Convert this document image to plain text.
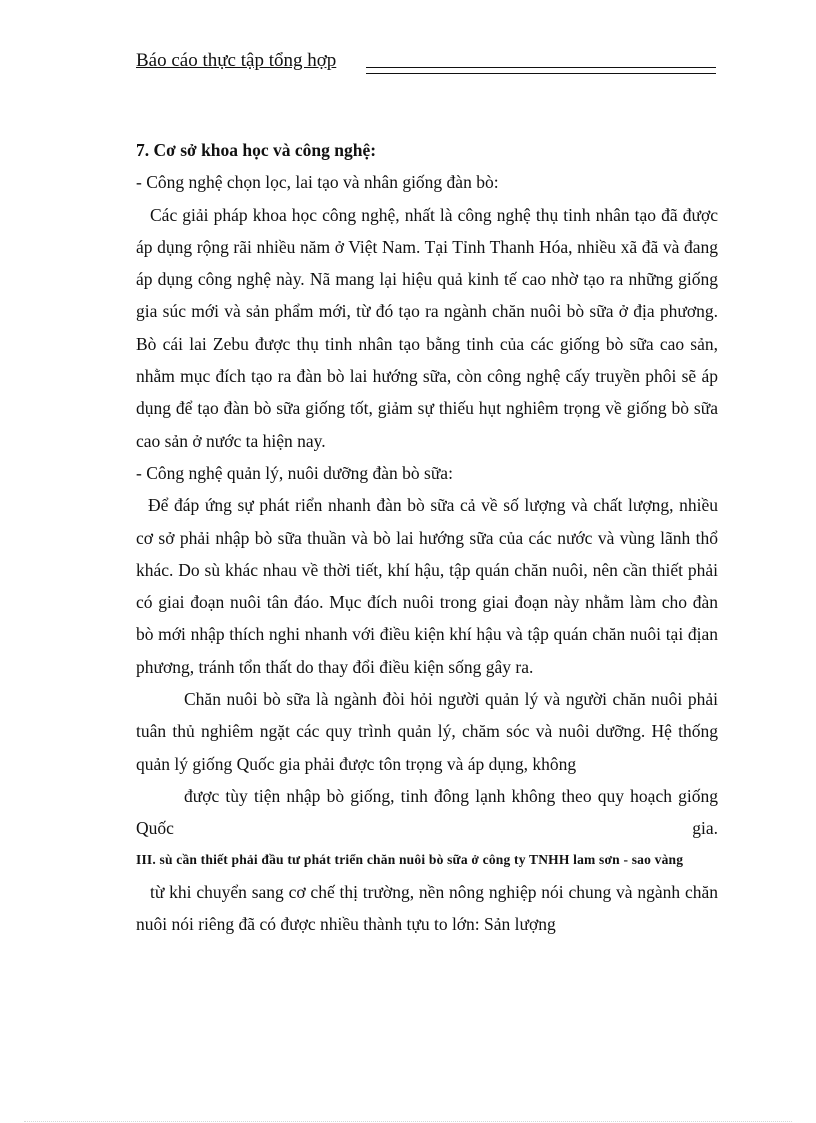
Báo cáo thực tập tổng hợp

7. Cơ sở khoa học và công nghệ:

- Công nghệ chọn lọc, lai tạo và nhân giống đàn bò:

Các giải pháp khoa học công nghệ, nhất là công nghệ thụ tinh nhân tạo đã được áp dụng rộng rãi nhiều năm ở Việt Nam. Tại Tỉnh Thanh Hóa, nhiều xã đã và đang áp dụng công nghệ này. Nã mang lại hiệu quả kinh tế cao nhờ tạo ra những giống gia súc mới và sản phẩm mới, từ đó tạo ra ngành chăn nuôi bò sữa ở địa phương. Bò cái lai Zebu được thụ tinh nhân tạo bằng tinh của các giống bò sữa cao sản, nhằm mục đích tạo ra đàn bò lai hướng sữa, còn công nghệ cấy truyền phôi sẽ áp dụng để tạo đàn bò sữa giống tốt, giảm sự thiếu hụt nghiêm trọng về giống bò sữa cao sản ở nước ta hiện nay.

- Công nghệ quản lý, nuôi dưỡng đàn bò sữa:

Để đáp ứng sự phát riển nhanh đàn bò sữa cả về số lượng và chất lượng, nhiều cơ sở phải nhập bò sữa thuần và bò lai hướng sữa của các nước và vùng lãnh thổ khác. Do sù khác nhau về thời tiết, khí hậu, tập quán chăn nuôi, nên cần thiết phải có giai đoạn nuôi tân đáo. Mục đích nuôi trong giai đoạn này nhằm làm cho đàn bò mới nhập thích nghi nhanh với điều kiện khí hậu và tập quán chăn nuôi tại địan phương, tránh tổn thất do thay đổi điều kiện sống gây ra.

Chăn nuôi bò sữa là ngành đòi hỏi người quản lý và người chăn nuôi phải tuân thủ nghiêm ngặt các quy trình quản lý, chăm sóc và nuôi dưỡng. Hệ thống quản lý giống Quốc gia phải được tôn trọng và áp dụng, không

được tùy tiện nhập bò giống, tinh đông lạnh không theo quy hoạch giống Quốc gia.

III. sù cần thiết phải đầu tư phát triển chăn nuôi bò sữa ở công ty TNHH lam sơn - sao vàng

từ khi chuyển sang cơ chế thị trường, nền nông nghiệp nói chung và ngành chăn nuôi nói riêng đã có được nhiều thành tựu to lớn: Sản lượng
